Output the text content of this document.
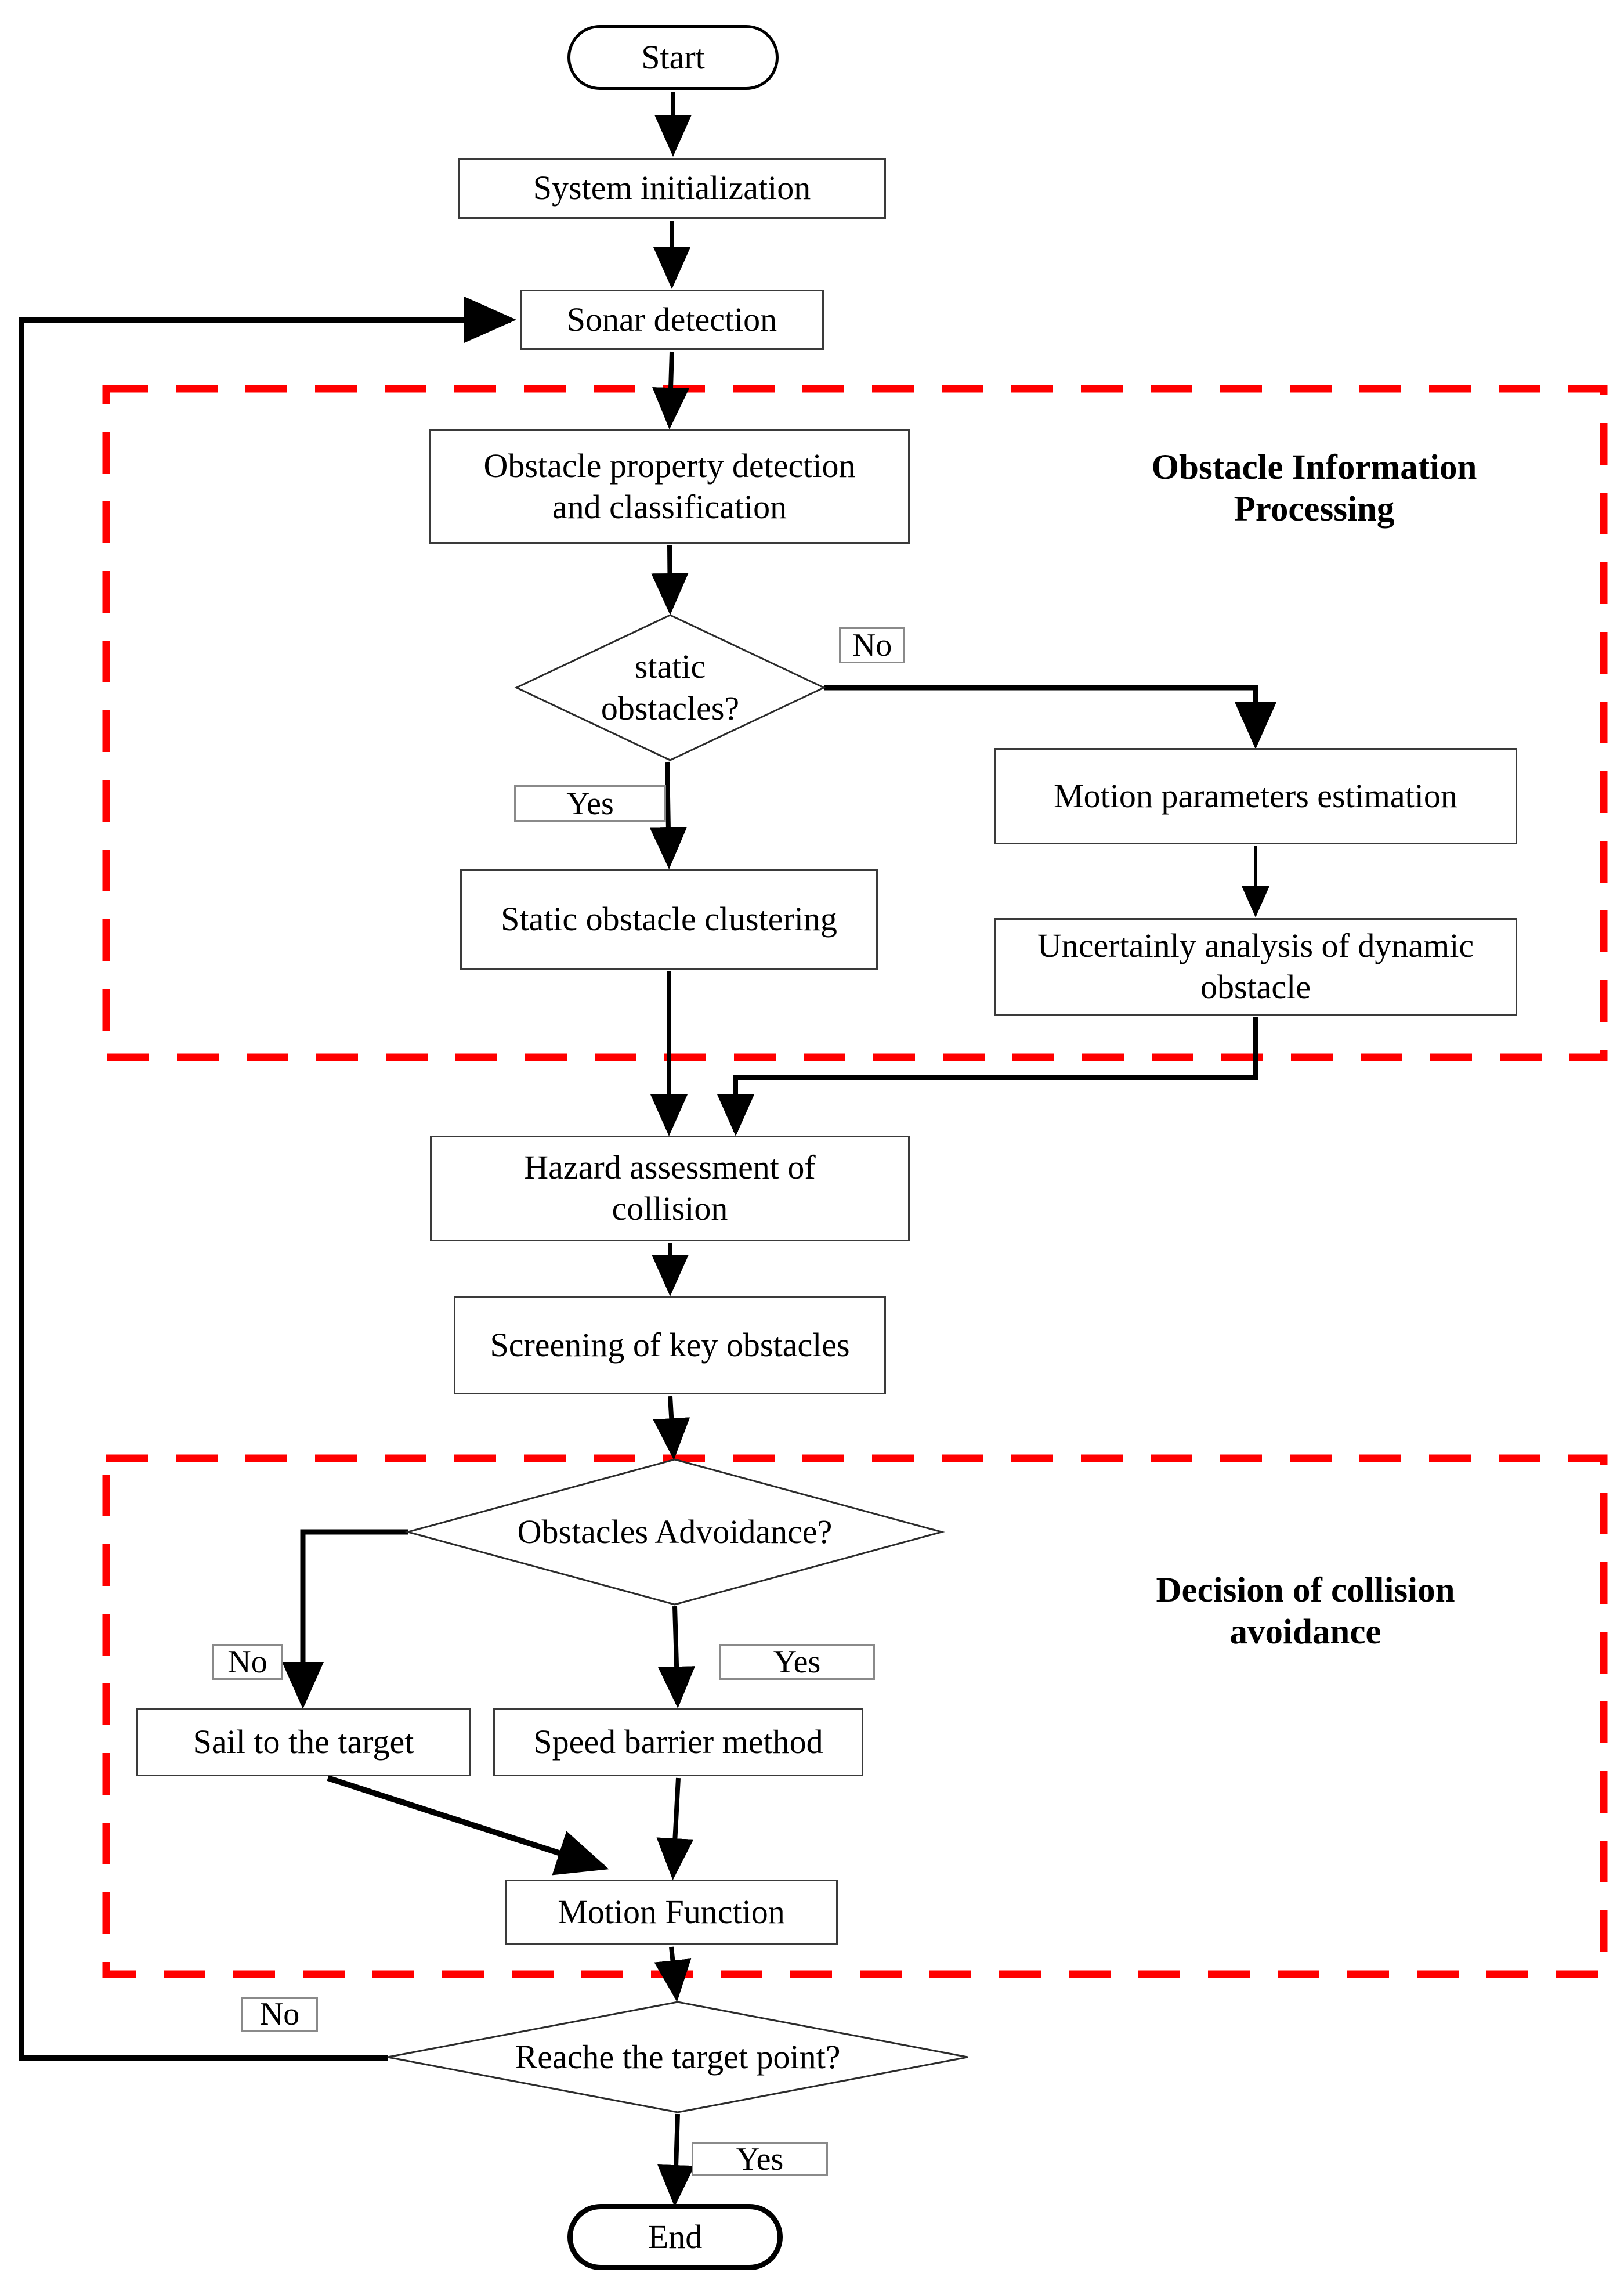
Start
System initialization
Sonar detection
Obstacle property detection and classification
Motion parameters estimation
Uncertainly analysis of dynamic obstacle
Static obstacle clustering
Hazard assessment of collision
Screening of key obstacles
Sail to the target	Speed barrier method
Motion Function
End
static obstacles?
Obstacles Advoidance?
Reache the target point?
No
Yes
No	Yes
No
Yes
Obstacle Information Processing
Decision of collision avoidance
